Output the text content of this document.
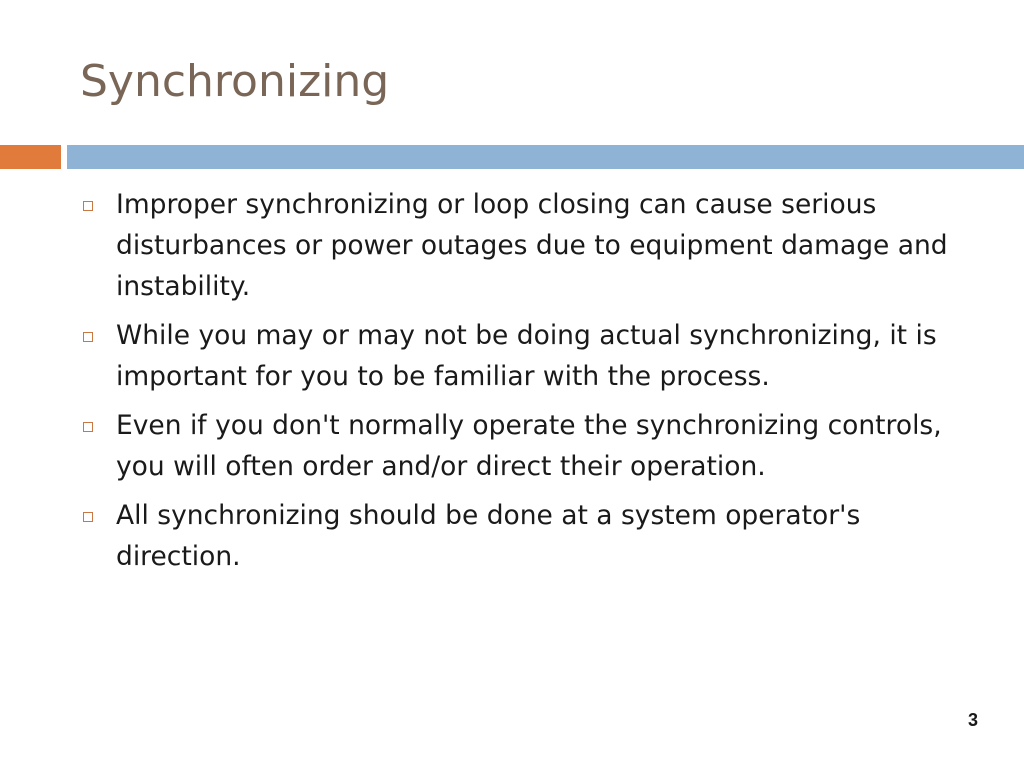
Synchronizing
Improper synchronizing or loop closing can cause serious disturbances or power outages due to equipment damage and instability.
While you may or may not be doing actual synchronizing, it is important for you to be familiar with the process.
Even if you don't normally operate the synchronizing controls, you will often order and/or direct their operation.
All synchronizing should be done at a system operator's direction.
3
